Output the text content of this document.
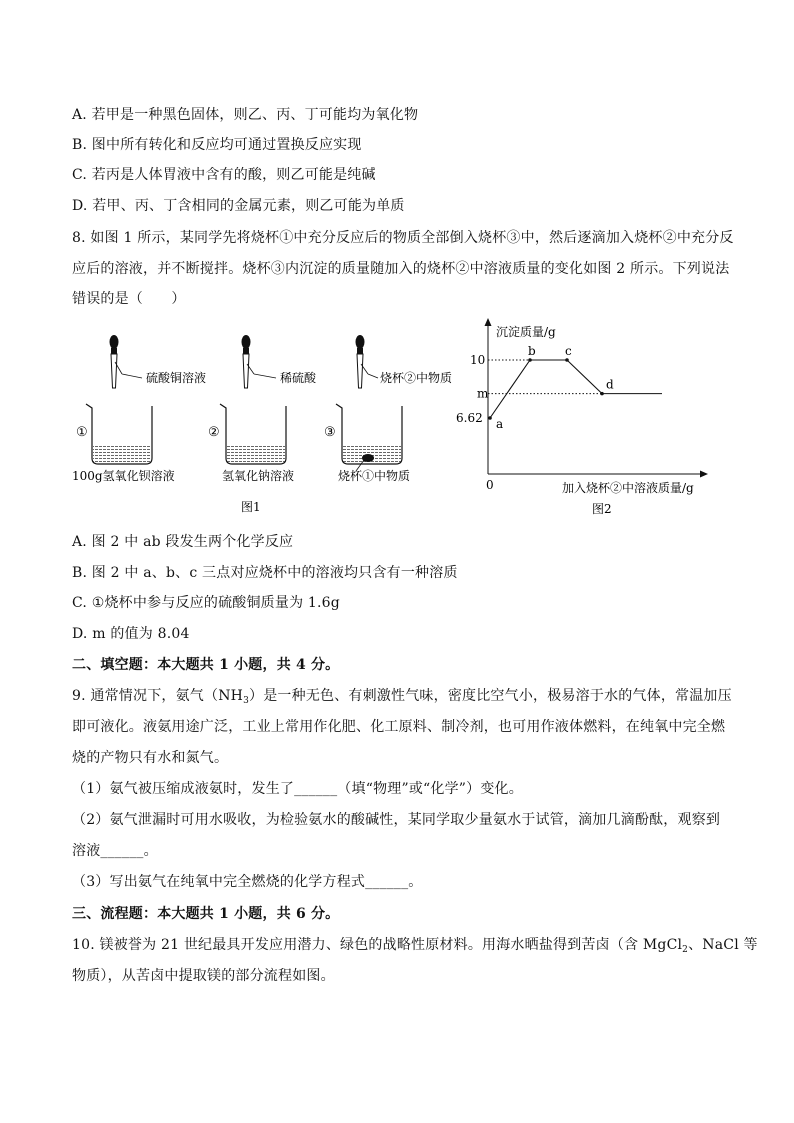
A. 若甲是一种黑色固体，则乙、丙、丁可能均为氧化物
B. 图中所有转化和反应均可通过置换反应实现
C. 若丙是人体胃液中含有的酸，则乙可能是纯碱
D. 若甲、丙、丁含相同的金属元素，则乙可能为单质
8. 如图 1 所示，某同学先将烧杯①中充分反应后的物质全部倒入烧杯③中，然后逐滴加入烧杯②中充分反
应后的溶液，并不断搅拌。烧杯③内沉淀的质量随加入的烧杯②中溶液质量的变化如图 2 所示。下列说法
错误的是（　　）
硫酸铜溶液	稀硫酸	烧杯②中物质
①
100g氢氧化钡溶液
②
氢氧化钠溶液
③
烧杯①中物质
图1
沉淀质量/g
加入烧杯②中溶液质量/g
0
10
m
6.62 a
b c
d
图2
A. 图 2 中 ab 段发生两个化学反应
B. 图 2 中 a、b、c 三点对应烧杯中的溶液均只含有一种溶质
C. ①烧杯中参与反应的硫酸铜质量为 1.6g
D. m 的值为 8.04
二、填空题：本大题共 1 小题，共 4 分。
9. 通常情况下，氨气$(NH_3)$是一种无色、有刺激性气味，密度比空气小，极易溶于水的气体，常温加压
即可液化。液氨用途广泛，工业上常用作化肥、化工原料、制冷剂，也可用作液体燃料，在纯氧中完全燃
烧的产物只有水和氮气。
（1）氨气被压缩成液氨时，发生了______（填“物理”或“化学”）变化。
（2）氨气泄漏时可用水吸收，为检验氨水的酸碱性，某同学取少量氨水于试管，滴加几滴酚酞，观察到
溶液______。
（3）写出氨气在纯氧中完全燃烧的化学方程式______。
三、流程题：本大题共 1 小题，共 6 分。
10. 镁被誉为 21 世纪最具开发应用潜力、绿色的战略性原材料。用海水晒盐得到苦卤（含 MgCl$_2$、NaCl 等
物质），从苦卤中提取镁的部分流程如图。
